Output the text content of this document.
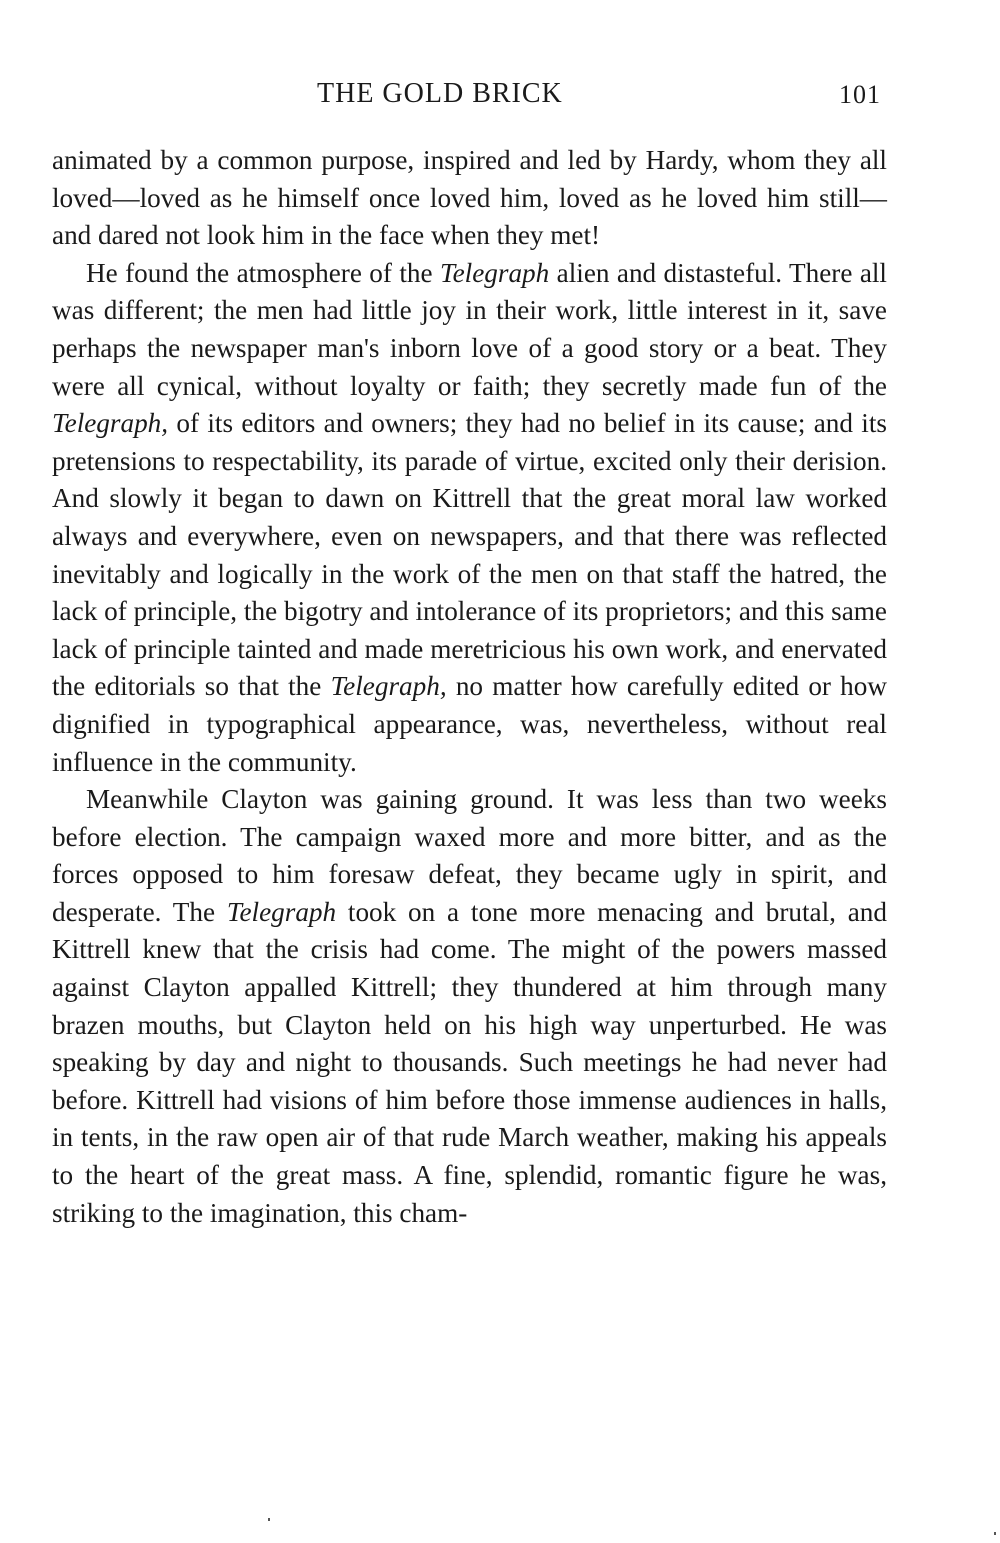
THE GOLD BRICK	101

animated by a common purpose, inspired and led by Hardy, whom they all loved—loved as he himself once loved him, loved as he loved him still—and dared not look him in the face when they met!

He found the atmosphere of the Telegraph alien and distasteful. There all was different; the men had little joy in their work, little interest in it, save perhaps the newspaper man's inborn love of a good story or a beat. They were all cynical, without loyalty or faith; they secretly made fun of the Telegraph, of its editors and owners; they had no belief in its cause; and its pretensions to respectability, its parade of virtue, excited only their derision. And slowly it began to dawn on Kittrell that the great moral law worked always and everywhere, even on newspapers, and that there was reflected inevitably and logically in the work of the men on that staff the hatred, the lack of principle, the bigotry and intolerance of its proprietors; and this same lack of principle tainted and made meretricious his own work, and enervated the editorials so that the Telegraph, no matter how carefully edited or how dignified in typographical appearance, was, nevertheless, without real influence in the community.

Meanwhile Clayton was gaining ground. It was less than two weeks before election. The campaign waxed more and more bitter, and as the forces opposed to him foresaw defeat, they became ugly in spirit, and desperate. The Telegraph took on a tone more menacing and brutal, and Kittrell knew that the crisis had come. The might of the powers massed against Clayton appalled Kittrell; they thundered at him through many brazen mouths, but Clayton held on his high way unperturbed. He was speaking by day and night to thousands. Such meetings he had never had before. Kittrell had visions of him before those immense audiences in halls, in tents, in the raw open air of that rude March weather, making his appeals to the heart of the great mass. A fine, splendid, romantic figure he was, striking to the imagination, this cham-
